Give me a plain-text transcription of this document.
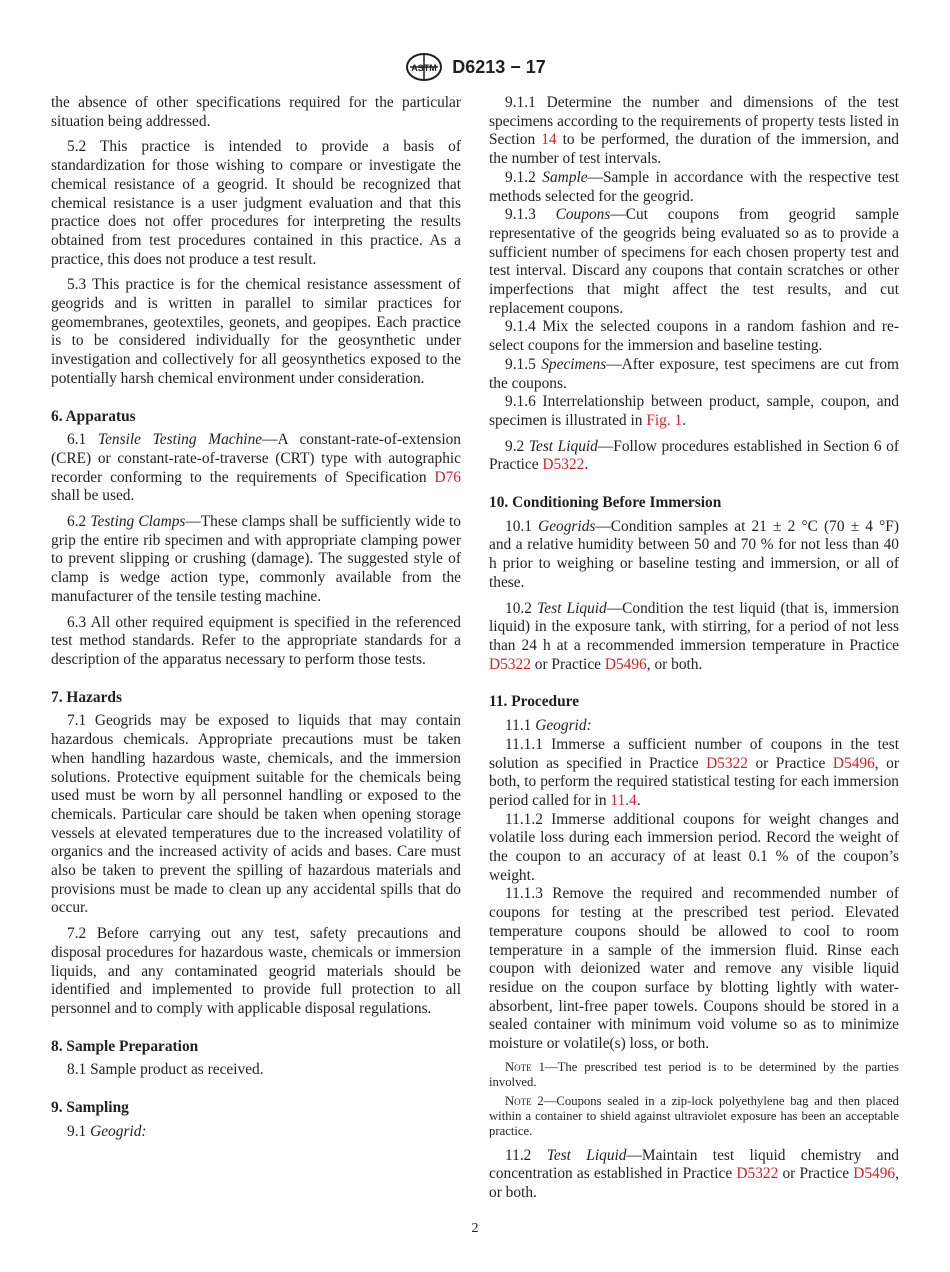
ASTM D6213 − 17

the absence of other specifications required for the particular situation being addressed.

5.2 This practice is intended to provide a basis of standardization for those wishing to compare or investigate the chemical resistance of a geogrid. It should be recognized that chemical resistance is a user judgment evaluation and that this practice does not offer procedures for interpreting the results obtained from test procedures contained in this practice. As a practice, this does not produce a test result.

5.3 This practice is for the chemical resistance assessment of geogrids and is written in parallel to similar practices for geomembranes, geotextiles, geonets, and geopipes. Each practice is to be considered individually for the geosynthetic under investigation and collectively for all geosynthetics exposed to the potentially harsh chemical environment under consideration.

6. Apparatus

6.1 Tensile Testing Machine—A constant-rate-of-extension (CRE) or constant-rate-of-traverse (CRT) type with autographic recorder conforming to the requirements of Specification D76 shall be used.

6.2 Testing Clamps—These clamps shall be sufficiently wide to grip the entire rib specimen and with appropriate clamping power to prevent slipping or crushing (damage). The suggested style of clamp is wedge action type, commonly available from the manufacturer of the tensile testing machine.

6.3 All other required equipment is specified in the referenced test method standards. Refer to the appropriate standards for a description of the apparatus necessary to perform those tests.

7. Hazards

7.1 Geogrids may be exposed to liquids that may contain hazardous chemicals. Appropriate precautions must be taken when handling hazardous waste, chemicals, and the immersion solutions. Protective equipment suitable for the chemicals being used must be worn by all personnel handling or exposed to the chemicals. Particular care should be taken when opening storage vessels at elevated temperatures due to the increased volatility of organics and the increased activity of acids and bases. Care must also be taken to prevent the spilling of hazardous materials and provisions must be made to clean up any accidental spills that do occur.

7.2 Before carrying out any test, safety precautions and disposal procedures for hazardous waste, chemicals or immersion liquids, and any contaminated geogrid materials should be identified and implemented to provide full protection to all personnel and to comply with applicable disposal regulations.

8. Sample Preparation

8.1 Sample product as received.

9. Sampling

9.1 Geogrid:

9.1.1 Determine the number and dimensions of the test specimens according to the requirements of property tests listed in Section 14 to be performed, the duration of the immersion, and the number of test intervals.

9.1.2 Sample—Sample in accordance with the respective test methods selected for the geogrid.

9.1.3 Coupons—Cut coupons from geogrid sample representative of the geogrids being evaluated so as to provide a sufficient number of specimens for each chosen property test and test interval. Discard any coupons that contain scratches or other imperfections that might affect the test results, and cut replacement coupons.

9.1.4 Mix the selected coupons in a random fashion and re-select coupons for the immersion and baseline testing.

9.1.5 Specimens—After exposure, test specimens are cut from the coupons.

9.1.6 Interrelationship between product, sample, coupon, and specimen is illustrated in Fig. 1.

9.2 Test Liquid—Follow procedures established in Section 6 of Practice D5322.

10. Conditioning Before Immersion

10.1 Geogrids—Condition samples at 21 ± 2 °C (70 ± 4 °F) and a relative humidity between 50 and 70 % for not less than 40 h prior to weighing or baseline testing and immersion, or all of these.

10.2 Test Liquid—Condition the test liquid (that is, immersion liquid) in the exposure tank, with stirring, for a period of not less than 24 h at a recommended immersion temperature in Practice D5322 or Practice D5496, or both.

11. Procedure

11.1 Geogrid:

11.1.1 Immerse a sufficient number of coupons in the test solution as specified in Practice D5322 or Practice D5496, or both, to perform the required statistical testing for each immersion period called for in 11.4.

11.1.2 Immerse additional coupons for weight changes and volatile loss during each immersion period. Record the weight of the coupon to an accuracy of at least 0.1 % of the coupon’s weight.

11.1.3 Remove the required and recommended number of coupons for testing at the prescribed test period. Elevated temperature coupons should be allowed to cool to room temperature in a sample of the immersion fluid. Rinse each coupon with deionized water and remove any visible liquid residue on the coupon surface by blotting lightly with water-absorbent, lint-free paper towels. Coupons should be stored in a sealed container with minimum void volume so as to minimize moisture or volatile(s) loss, or both.

Note 1—The prescribed test period is to be determined by the parties involved.

Note 2—Coupons sealed in a zip-lock polyethylene bag and then placed within a container to shield against ultraviolet exposure has been an acceptable practice.

11.2 Test Liquid—Maintain test liquid chemistry and concentration as established in Practice D5322 or Practice D5496, or both.

2
